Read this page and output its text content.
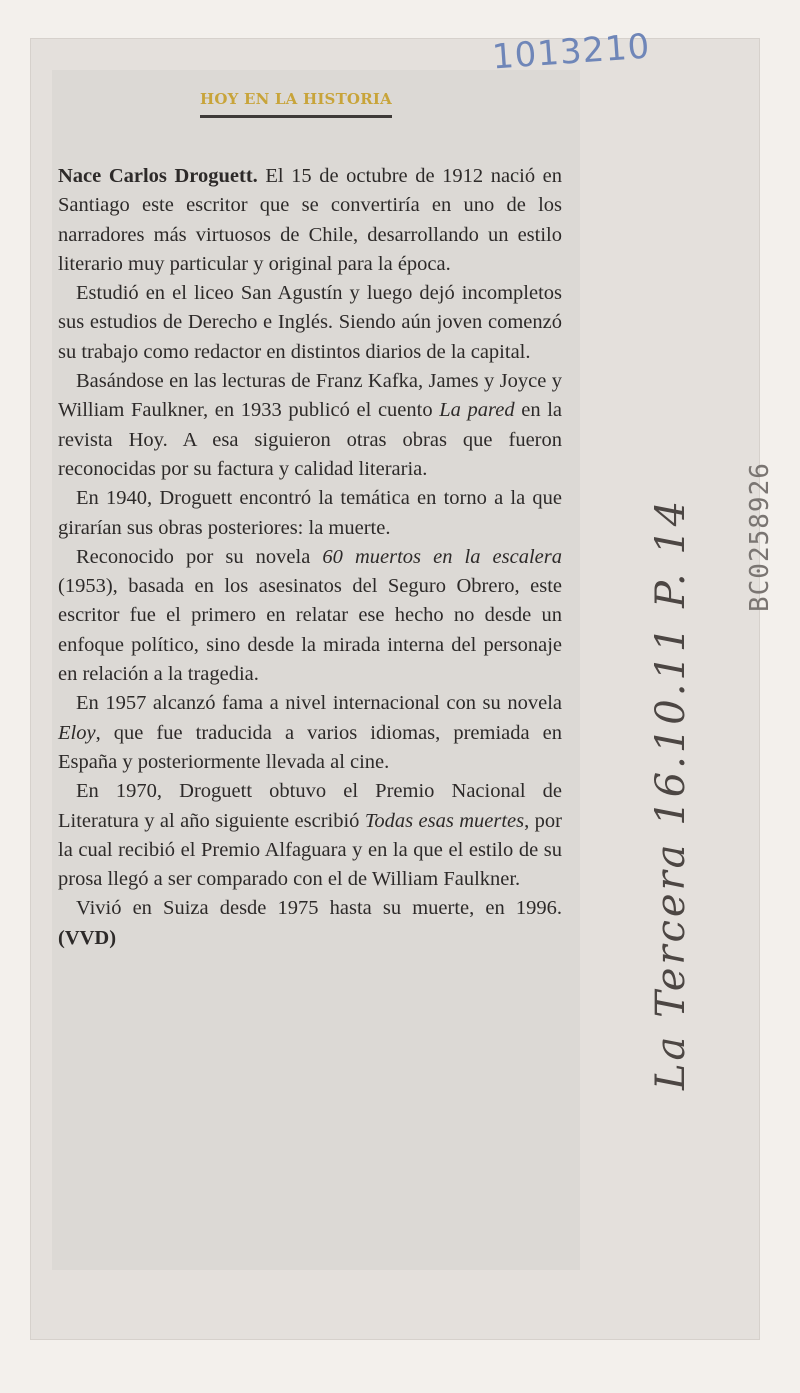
1013210
HOY EN LA HISTORIA

Nace Carlos Droguett. El 15 de octubre de 1912 nació en Santiago este escritor que se convertiría en uno de los narradores más virtuosos de Chile, desarrollando un estilo literario muy particular y original para la época.

Estudió en el liceo San Agustín y luego dejó incompletos sus estudios de Derecho e Inglés. Siendo aún joven comenzó su trabajo como redactor en distintos diarios de la capital.

Basándose en las lecturas de Franz Kafka, James y Joyce y William Faulkner, en 1933 publicó el cuento La pared en la revista Hoy. A esa siguieron otras obras que fueron reconocidas por su factura y calidad literaria.

En 1940, Droguett encontró la temática en torno a la que girarían sus obras posteriores: la muerte.

Reconocido por su novela 60 muertos en la escalera (1953), basada en los asesinatos del Seguro Obrero, este escritor fue el primero en relatar ese hecho no desde un enfoque político, sino desde la mirada interna del personaje en relación a la tragedia.

En 1957 alcanzó fama a nivel internacional con su novela Eloy, que fue traducida a varios idiomas, premiada en España y posteriormente llevada al cine.

En 1970, Droguett obtuvo el Premio Nacional de Literatura y al año siguiente escribió Todas esas muertes, por la cual recibió el Premio Alfaguara y en la que el estilo de su prosa llegó a ser comparado con el de William Faulkner.

Vivió en Suiza desde 1975 hasta su muerte, en 1996. (VVD)	La Tercera 16.10.11 P. 14 BC0258926
